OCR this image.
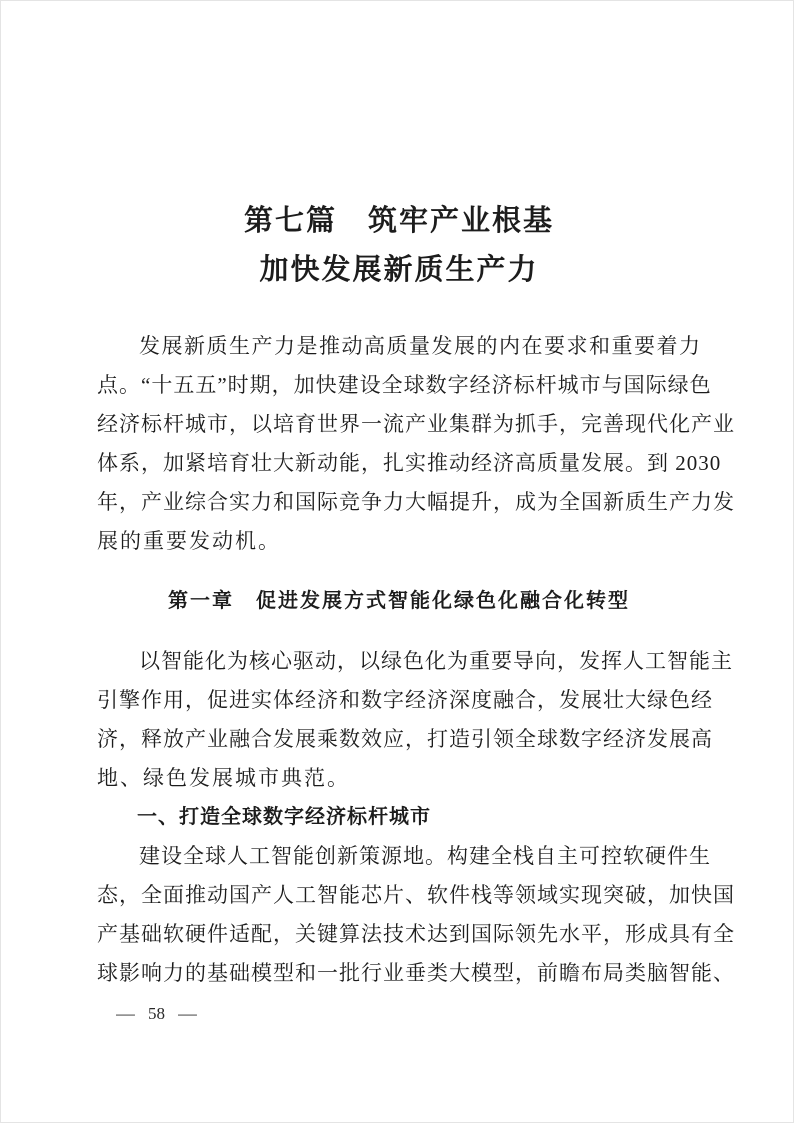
第七篇　筑牢产业根基
加快发展新质生产力
发展新质生产力是推动高质量发展的内在要求和重要着力
点。“十五五”时期，加快建设全球数字经济标杆城市与国际绿色
经济标杆城市，以培育世界一流产业集群为抓手，完善现代化产业
体系，加紧培育壮大新动能，扎实推动经济高质量发展。到 2030
年，产业综合实力和国际竞争力大幅提升，成为全国新质生产力发
展的重要发动机。
第一章　促进发展方式智能化绿色化融合化转型
以智能化为核心驱动，以绿色化为重要导向，发挥人工智能主
引擎作用，促进实体经济和数字经济深度融合，发展壮大绿色经
济，释放产业融合发展乘数效应，打造引领全球数字经济发展高
地、绿色发展城市典范。
一、打造全球数字经济标杆城市
建设全球人工智能创新策源地。构建全栈自主可控软硬件生
态，全面推动国产人工智能芯片、软件栈等领域实现突破，加快国
产基础软硬件适配，关键算法技术达到国际领先水平，形成具有全
球影响力的基础模型和一批行业垂类大模型，前瞻布局类脑智能、
— 58 —
